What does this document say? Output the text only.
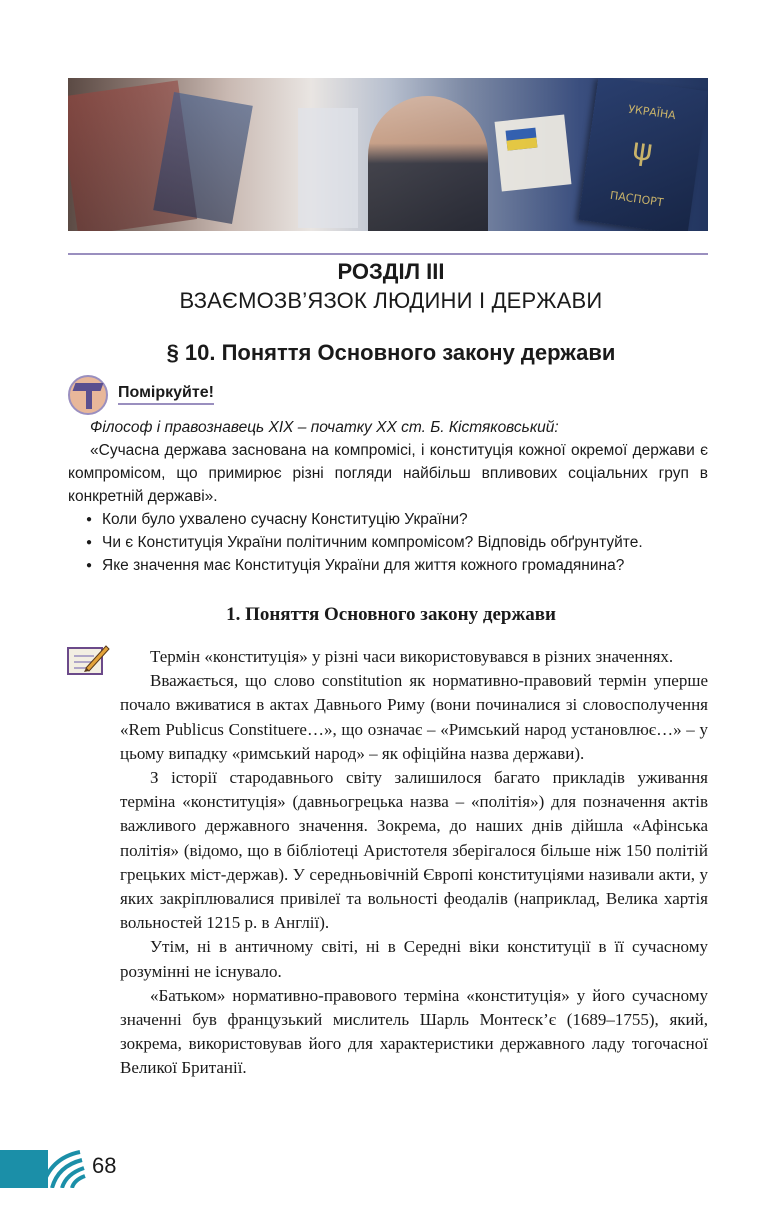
УКРАЇНА
ψ
ПАСПОРТ
РОЗДІЛ III
ВЗАЄМОЗВ’ЯЗОК ЛЮДИНИ І ДЕРЖАВИ
§ 10. Поняття Основного закону держави
Поміркуйте!
Філософ і правознавець XIX – початку XX ст. Б. Кістяковський:
«Сучасна держава заснована на компромісі, і конституція кожної окремої держави є компромісом, що примирює різні погляди найбільш впливових соціальних груп в конкретній державі».
● Коли було ухвалено сучасну Конституцію України?
● Чи є Конституція України політичним компромісом? Відповідь обґрунтуйте.
● Яке значення має Конституція України для життя кожного громадянина?
1. Поняття Основного закону держави

Термін «конституція» у різні часи використовувався в різних значеннях.

Вважається, що слово constitution як нормативно-правовий термін уперше почало вживатися в актах Давнього Риму (вони починалися зі словосполучення «Rem Publicus Constituere…», що означає – «Римський народ установлює…» – у цьому випадку «римський народ» – як офіційна назва держави).

З історії стародавнього світу залишилося багато прикладів уживання терміна «конституція» (давньогрецька назва – «політія») для позначення актів важливого державного значення. Зокрема, до наших днів дійшла «Афінська політія» (відомо, що в бібліотеці Аристотеля зберігалося більше ніж 150 політій грецьких міст-держав). У середньовічній Європі конституціями називали акти, у яких закріплювалися привілеї та вольності феодалів (наприклад, Велика хартія вольностей 1215 р. в Англії).

Утім, ні в античному світі, ні в Середні віки конституції в її сучасному розумінні не існувало.

«Батьком» нормативно-правового терміна «конституція» у його сучасному значенні був французький мислитель Шарль Монтеск’є (1689–1755), який, зокрема, використовував його для характеристики державного ладу тогочасної Великої Британії.

68
